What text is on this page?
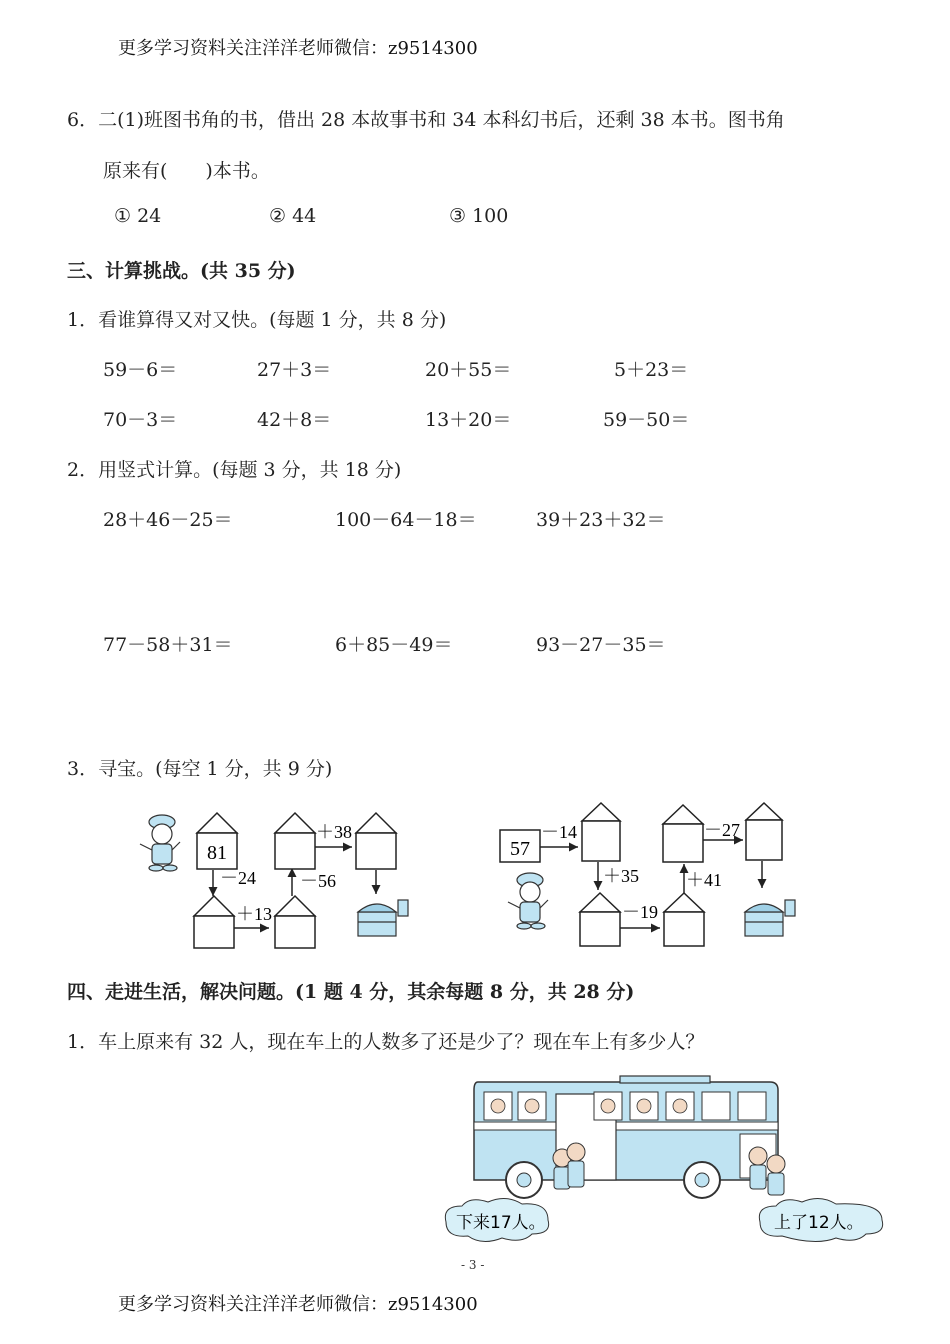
更多学习资料关注洋洋老师微信：z9514300
6．二(1)班图书角的书，借出 28 本故事书和 34 本科幻书后，还剩 38 本书。图书角
原来有(　　)本书。
① 24	② 44	③ 100
三、计算挑战。(共 35 分)
1．看谁算得又对又快。(每题 1 分，共 8 分)
59－6＝	27＋3＝	20＋55＝	5＋23＝
70－3＝	42＋8＝	13＋20＝	59－50＝
2．用竖式计算。(每题 3 分，共 18 分)
28＋46－25＝	100－64－18＝	39＋23＋32＝
77－58＋31＝	6＋85－49＝	93－27－35＝
3．寻宝。(每空 1 分，共 9 分)
81
－24
＋13
－56
＋38
57
－14
＋35
－19
＋41
－27
四、走进生活，解决问题。(1 题 4 分，其余每题 8 分，共 28 分)
1．车上原来有 32 人，现在车上的人数多了还是少了？现在车上有多少人？
下来17人。	上了12人。
- 3 -
更多学习资料关注洋洋老师微信：z9514300
